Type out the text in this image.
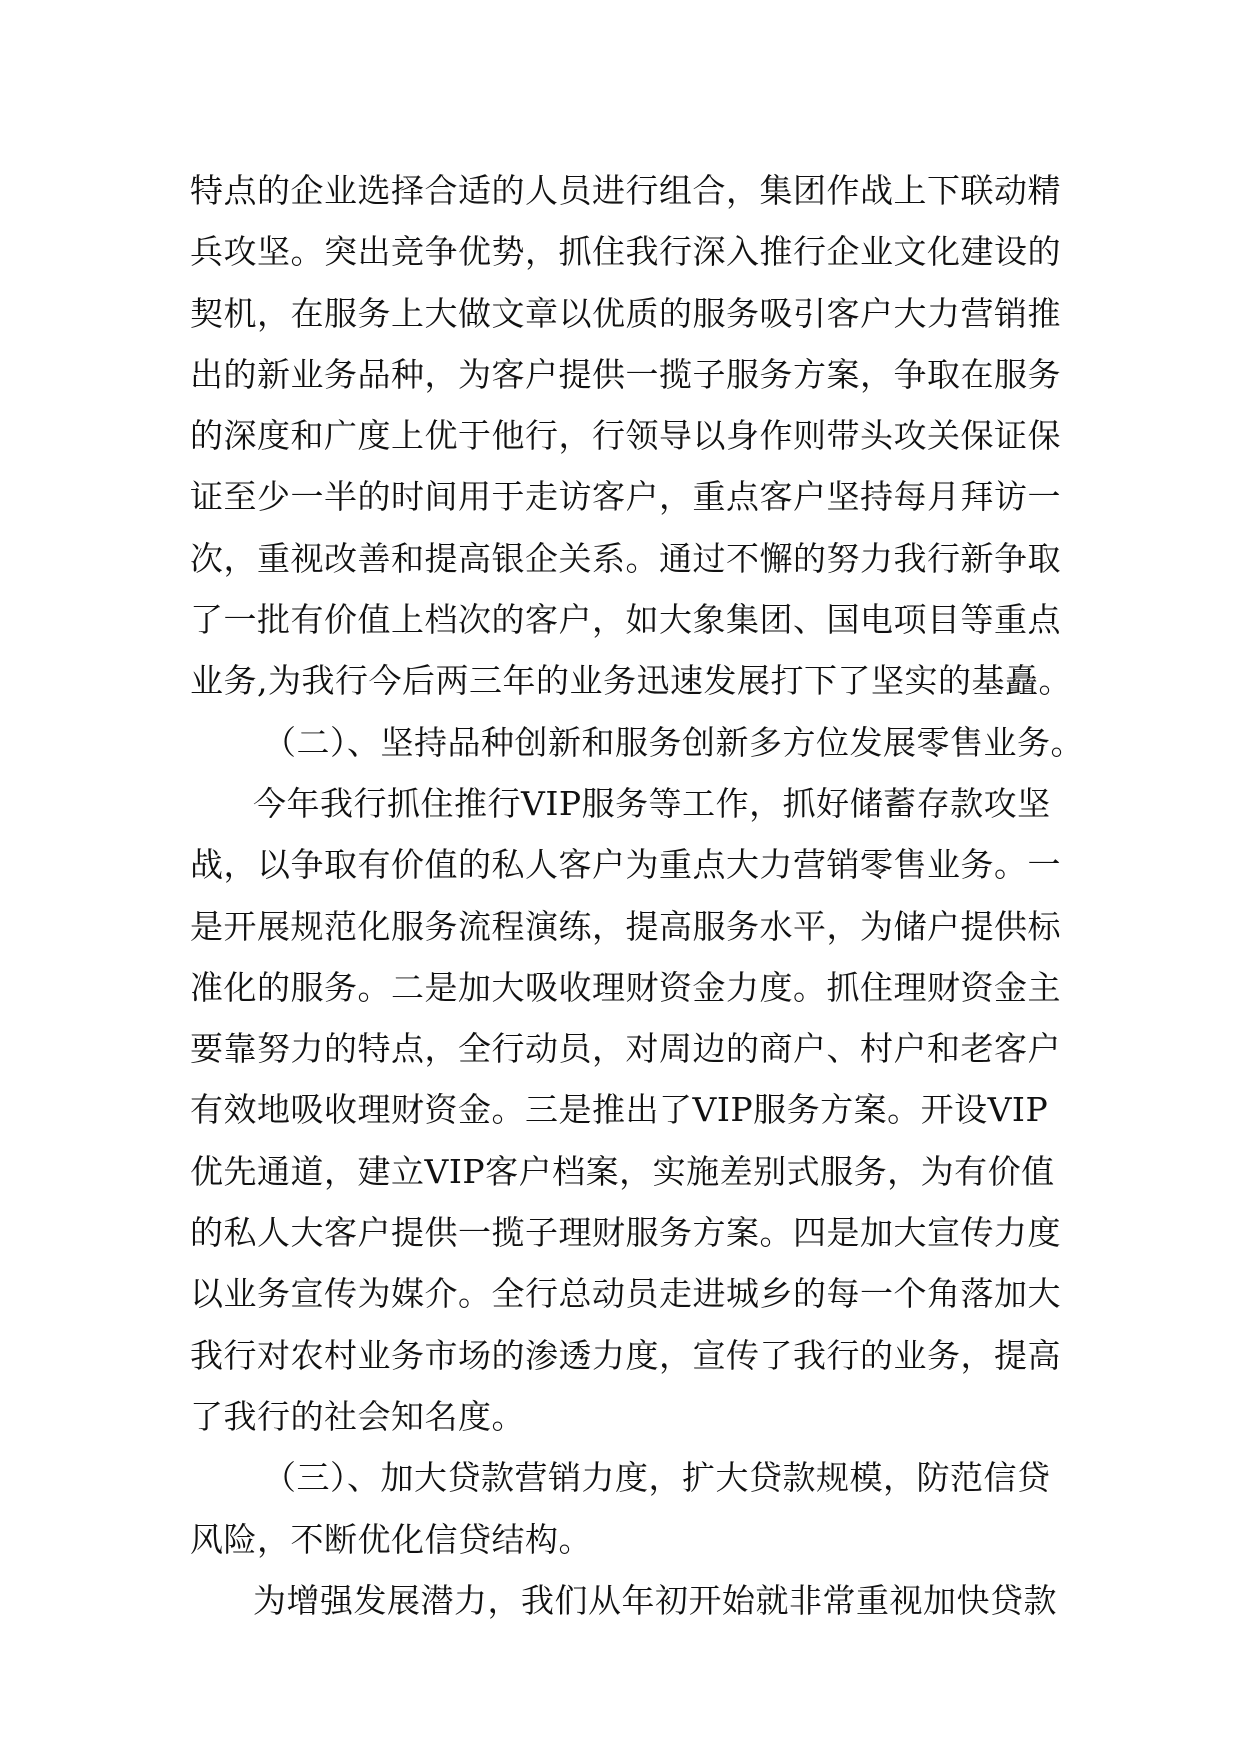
特点的企业选择合适的人员进行组合，集团作战上下联动精
兵攻坚。突出竞争优势，抓住我行深入推行企业文化建设的
契机，在服务上大做文章以优质的服务吸引客户大力营销推
出的新业务品种，为客户提供一揽子服务方案，争取在服务
的深度和广度上优于他行，行领导以身作则带头攻关保证保
证至少一半的时间用于走访客户，重点客户坚持每月拜访一
次，重视改善和提高银企关系。通过不懈的努力我行新争取
了一批有价值上档次的客户，如大象集团、国电项目等重点
业务,为我行今后两三年的业务迅速发展打下了坚实的基矗。
（二）、坚持品种创新和服务创新多方位发展零售业务。
今年我行抓住推行VIP服务等工作，抓好储蓄存款攻坚
战，以争取有价值的私人客户为重点大力营销零售业务。一
是开展规范化服务流程演练，提高服务水平，为储户提供标
准化的服务。二是加大吸收理财资金力度。抓住理财资金主
要靠努力的特点，全行动员，对周边的商户、村户和老客户
有效地吸收理财资金。三是推出了VIP服务方案。开设VIP
优先通道，建立VIP客户档案，实施差别式服务，为有价值
的私人大客户提供一揽子理财服务方案。四是加大宣传力度
以业务宣传为媒介。全行总动员走进城乡的每一个角落加大
我行对农村业务市场的渗透力度，宣传了我行的业务，提高
了我行的社会知名度。
（三）、加大贷款营销力度，扩大贷款规模，防范信贷
风险，不断优化信贷结构。
为增强发展潜力，我们从年初开始就非常重视加快贷款
